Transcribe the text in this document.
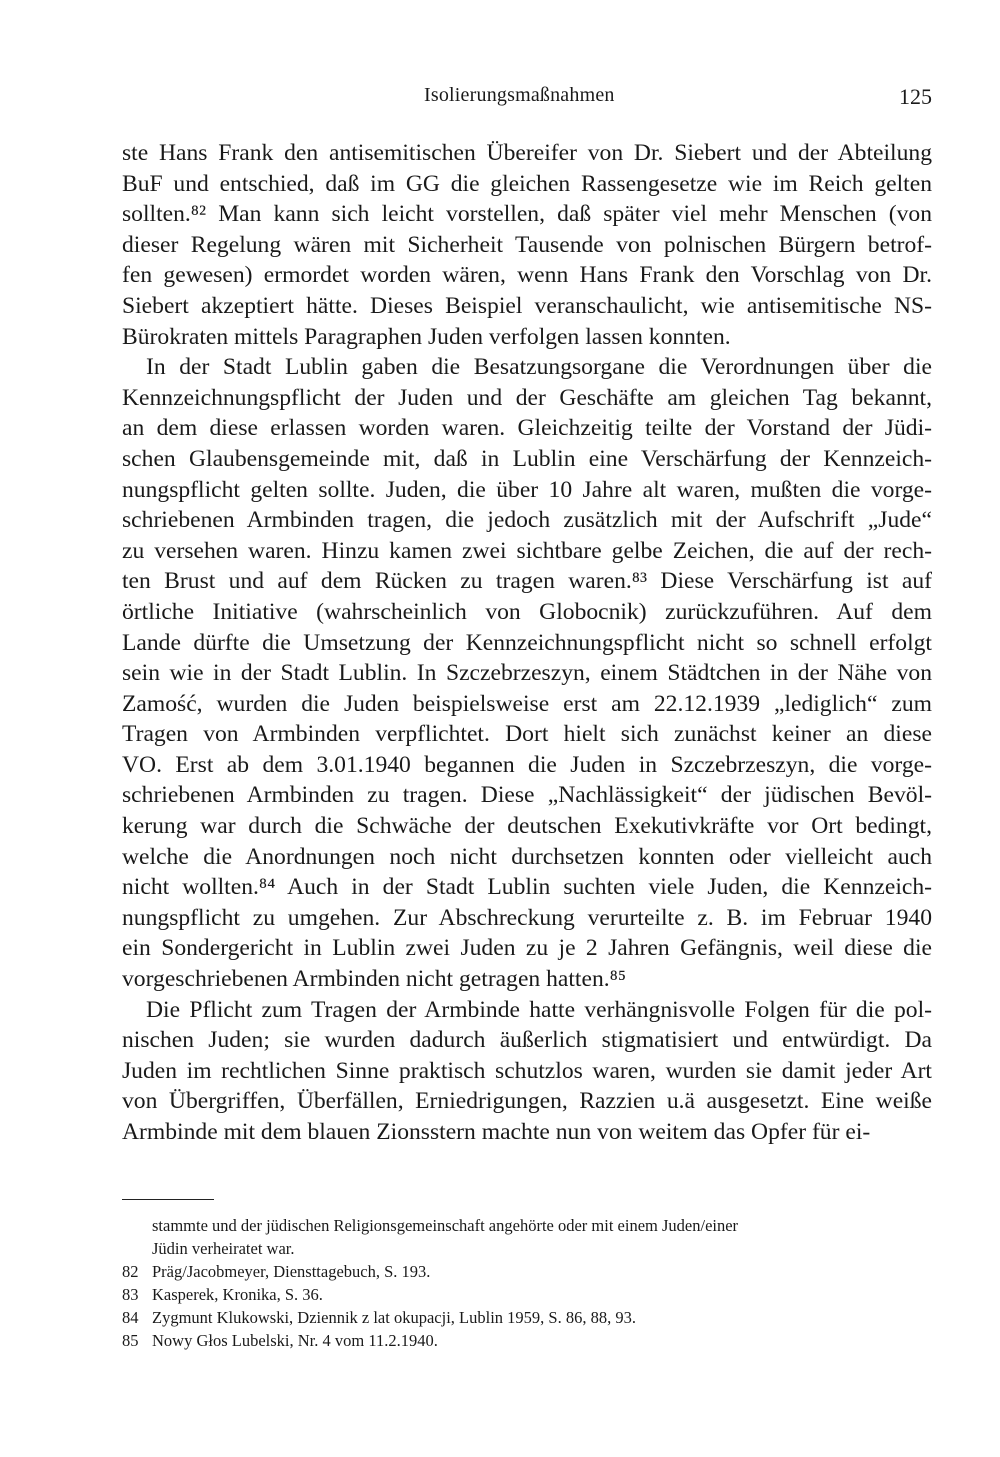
Isolierungsmaßnahmen	125
ste Hans Frank den antisemitischen Übereifer von Dr. Siebert und der Abteilung
BuF und entschied, daß im GG die gleichen Rassengesetze wie im Reich gelten
sollten.⁸² Man kann sich leicht vorstellen, daß später viel mehr Menschen (von
dieser Regelung wären mit Sicherheit Tausende von polnischen Bürgern betrof-
fen gewesen) ermordet worden wären, wenn Hans Frank den Vorschlag von Dr.
Siebert akzeptiert hätte. Dieses Beispiel veranschaulicht, wie antisemitische NS-
Bürokraten mittels Paragraphen Juden verfolgen lassen konnten.
In der Stadt Lublin gaben die Besatzungsorgane die Verordnungen über die
Kennzeichnungspflicht der Juden und der Geschäfte am gleichen Tag bekannt,
an dem diese erlassen worden waren. Gleichzeitig teilte der Vorstand der Jüdi-
schen Glaubensgemeinde mit, daß in Lublin eine Verschärfung der Kennzeich-
nungspflicht gelten sollte. Juden, die über 10 Jahre alt waren, mußten die vorge-
schriebenen Armbinden tragen, die jedoch zusätzlich mit der Aufschrift „Jude“
zu versehen waren. Hinzu kamen zwei sichtbare gelbe Zeichen, die auf der rech-
ten Brust und auf dem Rücken zu tragen waren.⁸³ Diese Verschärfung ist auf
örtliche Initiative (wahrscheinlich von Globocnik) zurückzuführen. Auf dem
Lande dürfte die Umsetzung der Kennzeichnungspflicht nicht so schnell erfolgt
sein wie in der Stadt Lublin. In Szczebrzeszyn, einem Städtchen in der Nähe von
Zamość, wurden die Juden beispielsweise erst am 22.12.1939 „lediglich“ zum
Tragen von Armbinden verpflichtet. Dort hielt sich zunächst keiner an diese
VO. Erst ab dem 3.01.1940 begannen die Juden in Szczebrzeszyn, die vorge-
schriebenen Armbinden zu tragen. Diese „Nachlässigkeit“ der jüdischen Bevöl-
kerung war durch die Schwäche der deutschen Exekutivkräfte vor Ort bedingt,
welche die Anordnungen noch nicht durchsetzen konnten oder vielleicht auch
nicht wollten.⁸⁴ Auch in der Stadt Lublin suchten viele Juden, die Kennzeich-
nungspflicht zu umgehen. Zur Abschreckung verurteilte z. B. im Februar 1940
ein Sondergericht in Lublin zwei Juden zu je 2 Jahren Gefängnis, weil diese die
vorgeschriebenen Armbinden nicht getragen hatten.⁸⁵
Die Pflicht zum Tragen der Armbinde hatte verhängnisvolle Folgen für die pol-
nischen Juden; sie wurden dadurch äußerlich stigmatisiert und entwürdigt. Da
Juden im rechtlichen Sinne praktisch schutzlos waren, wurden sie damit jeder Art
von Übergriffen, Überfällen, Erniedrigungen, Razzien u.ä ausgesetzt. Eine weiße
Armbinde mit dem blauen Zionsstern machte nun von weitem das Opfer für ei-
stammte und der jüdischen Religionsgemeinschaft angehörte oder mit einem Juden/einer
Jüdin verheiratet war.
82 Präg/Jacobmeyer, Diensttagebuch, S. 193.
83 Kasperek, Kronika, S. 36.
84 Zygmunt Klukowski, Dziennik z lat okupacji, Lublin 1959, S. 86, 88, 93.
85 Nowy Głos Lubelski, Nr. 4 vom 11.2.1940.
